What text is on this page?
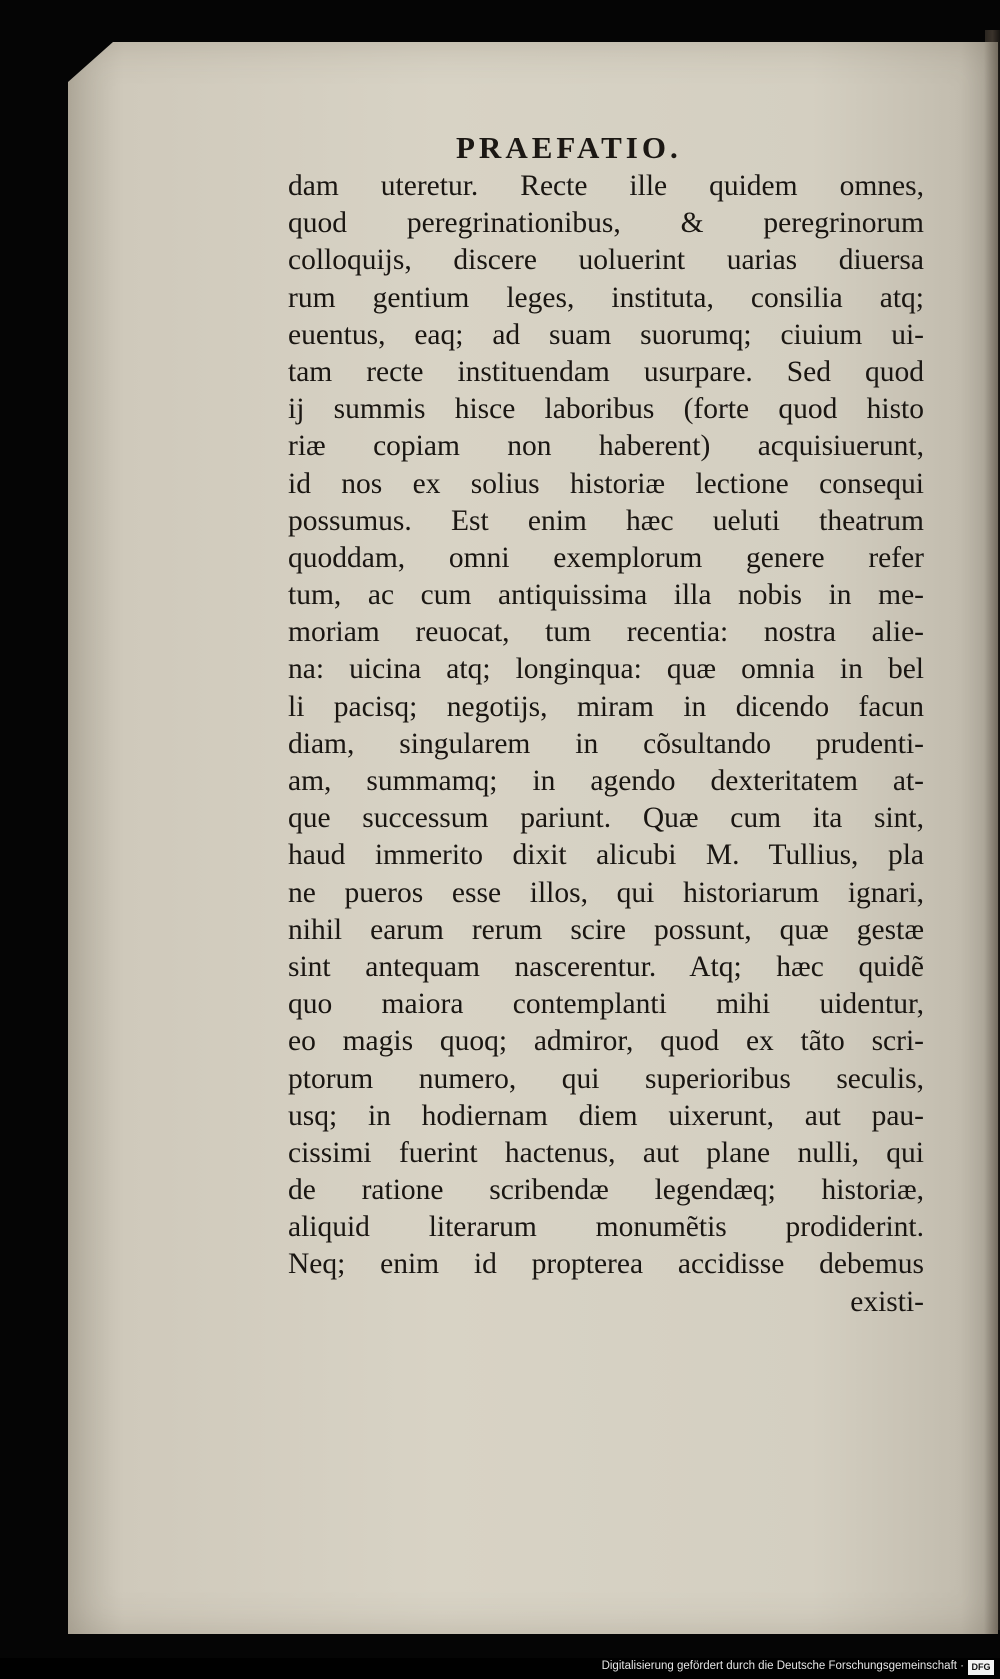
PRAEFATIO.
dam uteretur. Recte ille quidem omnes,
quod peregrinationibus, & peregrinorum
colloquijs, discere uoluerint uarias diuersa
rum gentium leges, instituta, consilia atq;
euentus, eaq; ad suam suorumq; ciuium ui-
tam recte instituendam usurpare. Sed quod
ij summis hisce laboribus (forte quod histo
riæ copiam non haberent) acquisiuerunt,
id nos ex solius historiæ lectione consequi
possumus. Est enim hæc ueluti theatrum
quoddam, omni exemplorum genere refer
tum, ac cum antiquissima illa nobis in me-
moriam reuocat, tum recentia: nostra alie-
na: uicina atq; longinqua: quæ omnia in bel
li pacisq; negotijs, miram in dicendo facun
diam, singularem in cõsultando prudenti-
am, summamq; in agendo dexteritatem at-
que successum pariunt. Quæ cum ita sint,
haud immerito dixit alicubi M. Tullius, pla
ne pueros esse illos, qui historiarum ignari,
nihil earum rerum scire possunt, quæ gestæ
sint antequam nascerentur. Atq; hæc quidẽ
quo maiora contemplanti mihi uidentur,
eo magis quoq; admiror, quod ex tãto scri-
ptorum numero, qui superioribus seculis,
usq; in hodiernam diem uixerunt, aut pau-
cissimi fuerint hactenus, aut plane nulli, qui
de ratione scribendæ legendæq; historiæ,
aliquid literarum monumẽtis prodiderint.
Neq; enim id propterea accidisse debemus
existi-
Digitalisierung gefördert durch die Deutsche Forschungsgemeinschaft · DFG
